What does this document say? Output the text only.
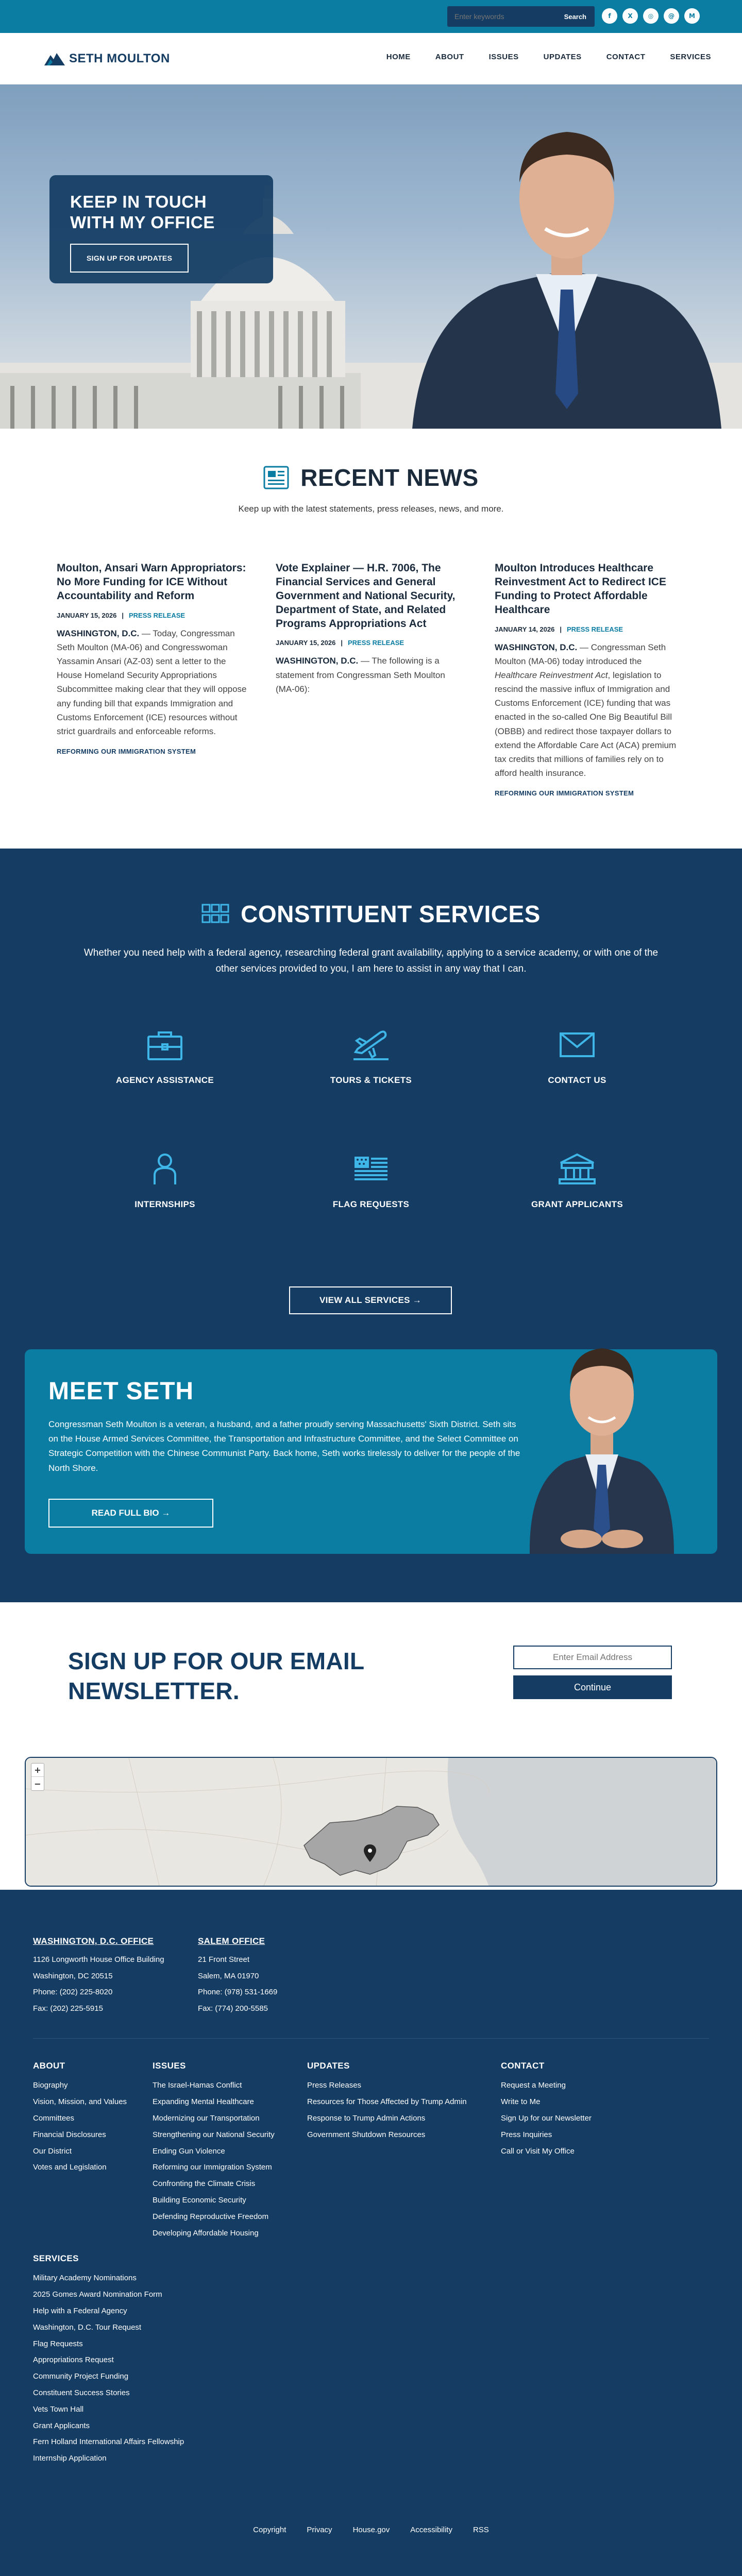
Enter keywords
Search	f	X	◎	@	M
SETH MOULTON	HOME	ABOUT	ISSUES	UPDATES	CONTACT	SERVICES
KEEP IN TOUCH WITH MY OFFICE
SIGN UP FOR UPDATES
RECENT NEWS
Keep up with the latest statements, press releases, news, and more.
Moulton, Ansari Warn Appropriators: No More Funding for ICE Without Accountability and Reform
JANUARY 15, 2026 | PRESS RELEASE
WASHINGTON, D.C. — Today, Congressman Seth Moulton (MA-06) and Congresswoman Yassamin Ansari (AZ-03) sent a letter to the House Homeland Security Appropriations Subcommittee making clear that they will oppose any funding bill that expands Immigration and Customs Enforcement (ICE) resources without strict guardrails and enforceable reforms.
REFORMING OUR IMMIGRATION SYSTEM
Vote Explainer — H.R. 7006, The Financial Services and General Government and National Security, Department of State, and Related Programs Appropriations Act
JANUARY 15, 2026 | PRESS RELEASE
WASHINGTON, D.C. — The following is a statement from Congressman Seth Moulton (MA-06):
Moulton Introduces Healthcare Reinvestment Act to Redirect ICE Funding to Protect Affordable Healthcare
JANUARY 14, 2026 | PRESS RELEASE
WASHINGTON, D.C. — Congressman Seth Moulton (MA-06) today introduced the Healthcare Reinvestment Act, legislation to rescind the massive influx of Immigration and Customs Enforcement (ICE) funding that was enacted in the so-called One Big Beautiful Bill (OBBB) and redirect those taxpayer dollars to extend the Affordable Care Act (ACA) premium tax credits that millions of families rely on to afford health insurance.
REFORMING OUR IMMIGRATION SYSTEM
CONSTITUENT SERVICES
Whether you need help with a federal agency, researching federal grant availability, applying to a service academy, or with one of the other services provided to you, I am here to assist in any way that I can.
AGENCY ASSISTANCE	TOURS & TICKETS	CONTACT US
INTERNSHIPS	FLAG REQUESTS	GRANT APPLICANTS
VIEW ALL SERVICES →
MEET SETH
Congressman Seth Moulton is a veteran, a husband, and a father proudly serving Massachusetts' Sixth District. Seth sits on the House Armed Services Committee, the Transportation and Infrastructure Committee, and the Select Committee on Strategic Competition with the Chinese Communist Party. Back home, Seth works tirelessly to deliver for the people of the North Shore.
READ FULL BIO →
SIGN UP FOR OUR EMAIL NEWSLETTER.
Enter Email Address	Continue
+
−
WASHINGTON, D.C. OFFICE
1126 Longworth House Office Building
Washington, DC 20515
Phone: (202) 225-8020
Fax: (202) 225-5915
SALEM OFFICE
21 Front Street
Salem, MA 01970
Phone: (978) 531-1669
Fax: (774) 200-5585
ABOUT
Biography
Vision, Mission, and Values
Committees
Financial Disclosures
Our District
Votes and Legislation
ISSUES
The Israel-Hamas Conflict
Expanding Mental Healthcare
Modernizing our Transportation
Strengthening our National Security
Ending Gun Violence
Reforming our Immigration System
Confronting the Climate Crisis
Building Economic Security
Defending Reproductive Freedom
Developing Affordable Housing
UPDATES
Press Releases
Resources for Those Affected by Trump Admin
Response to Trump Admin Actions
Government Shutdown Resources
CONTACT
Request a Meeting
Write to Me
Sign Up for our Newsletter
Press Inquiries
Call or Visit My Office
SERVICES
Military Academy Nominations
2025 Gomes Award Nomination Form
Help with a Federal Agency
Washington, D.C. Tour Request
Flag Requests
Appropriations Request
Community Project Funding
Constituent Success Stories
Vets Town Hall
Grant Applicants
Fern Holland International Affairs Fellowship
Internship Application
Copyright	Privacy	House.gov	Accessibility	RSS
